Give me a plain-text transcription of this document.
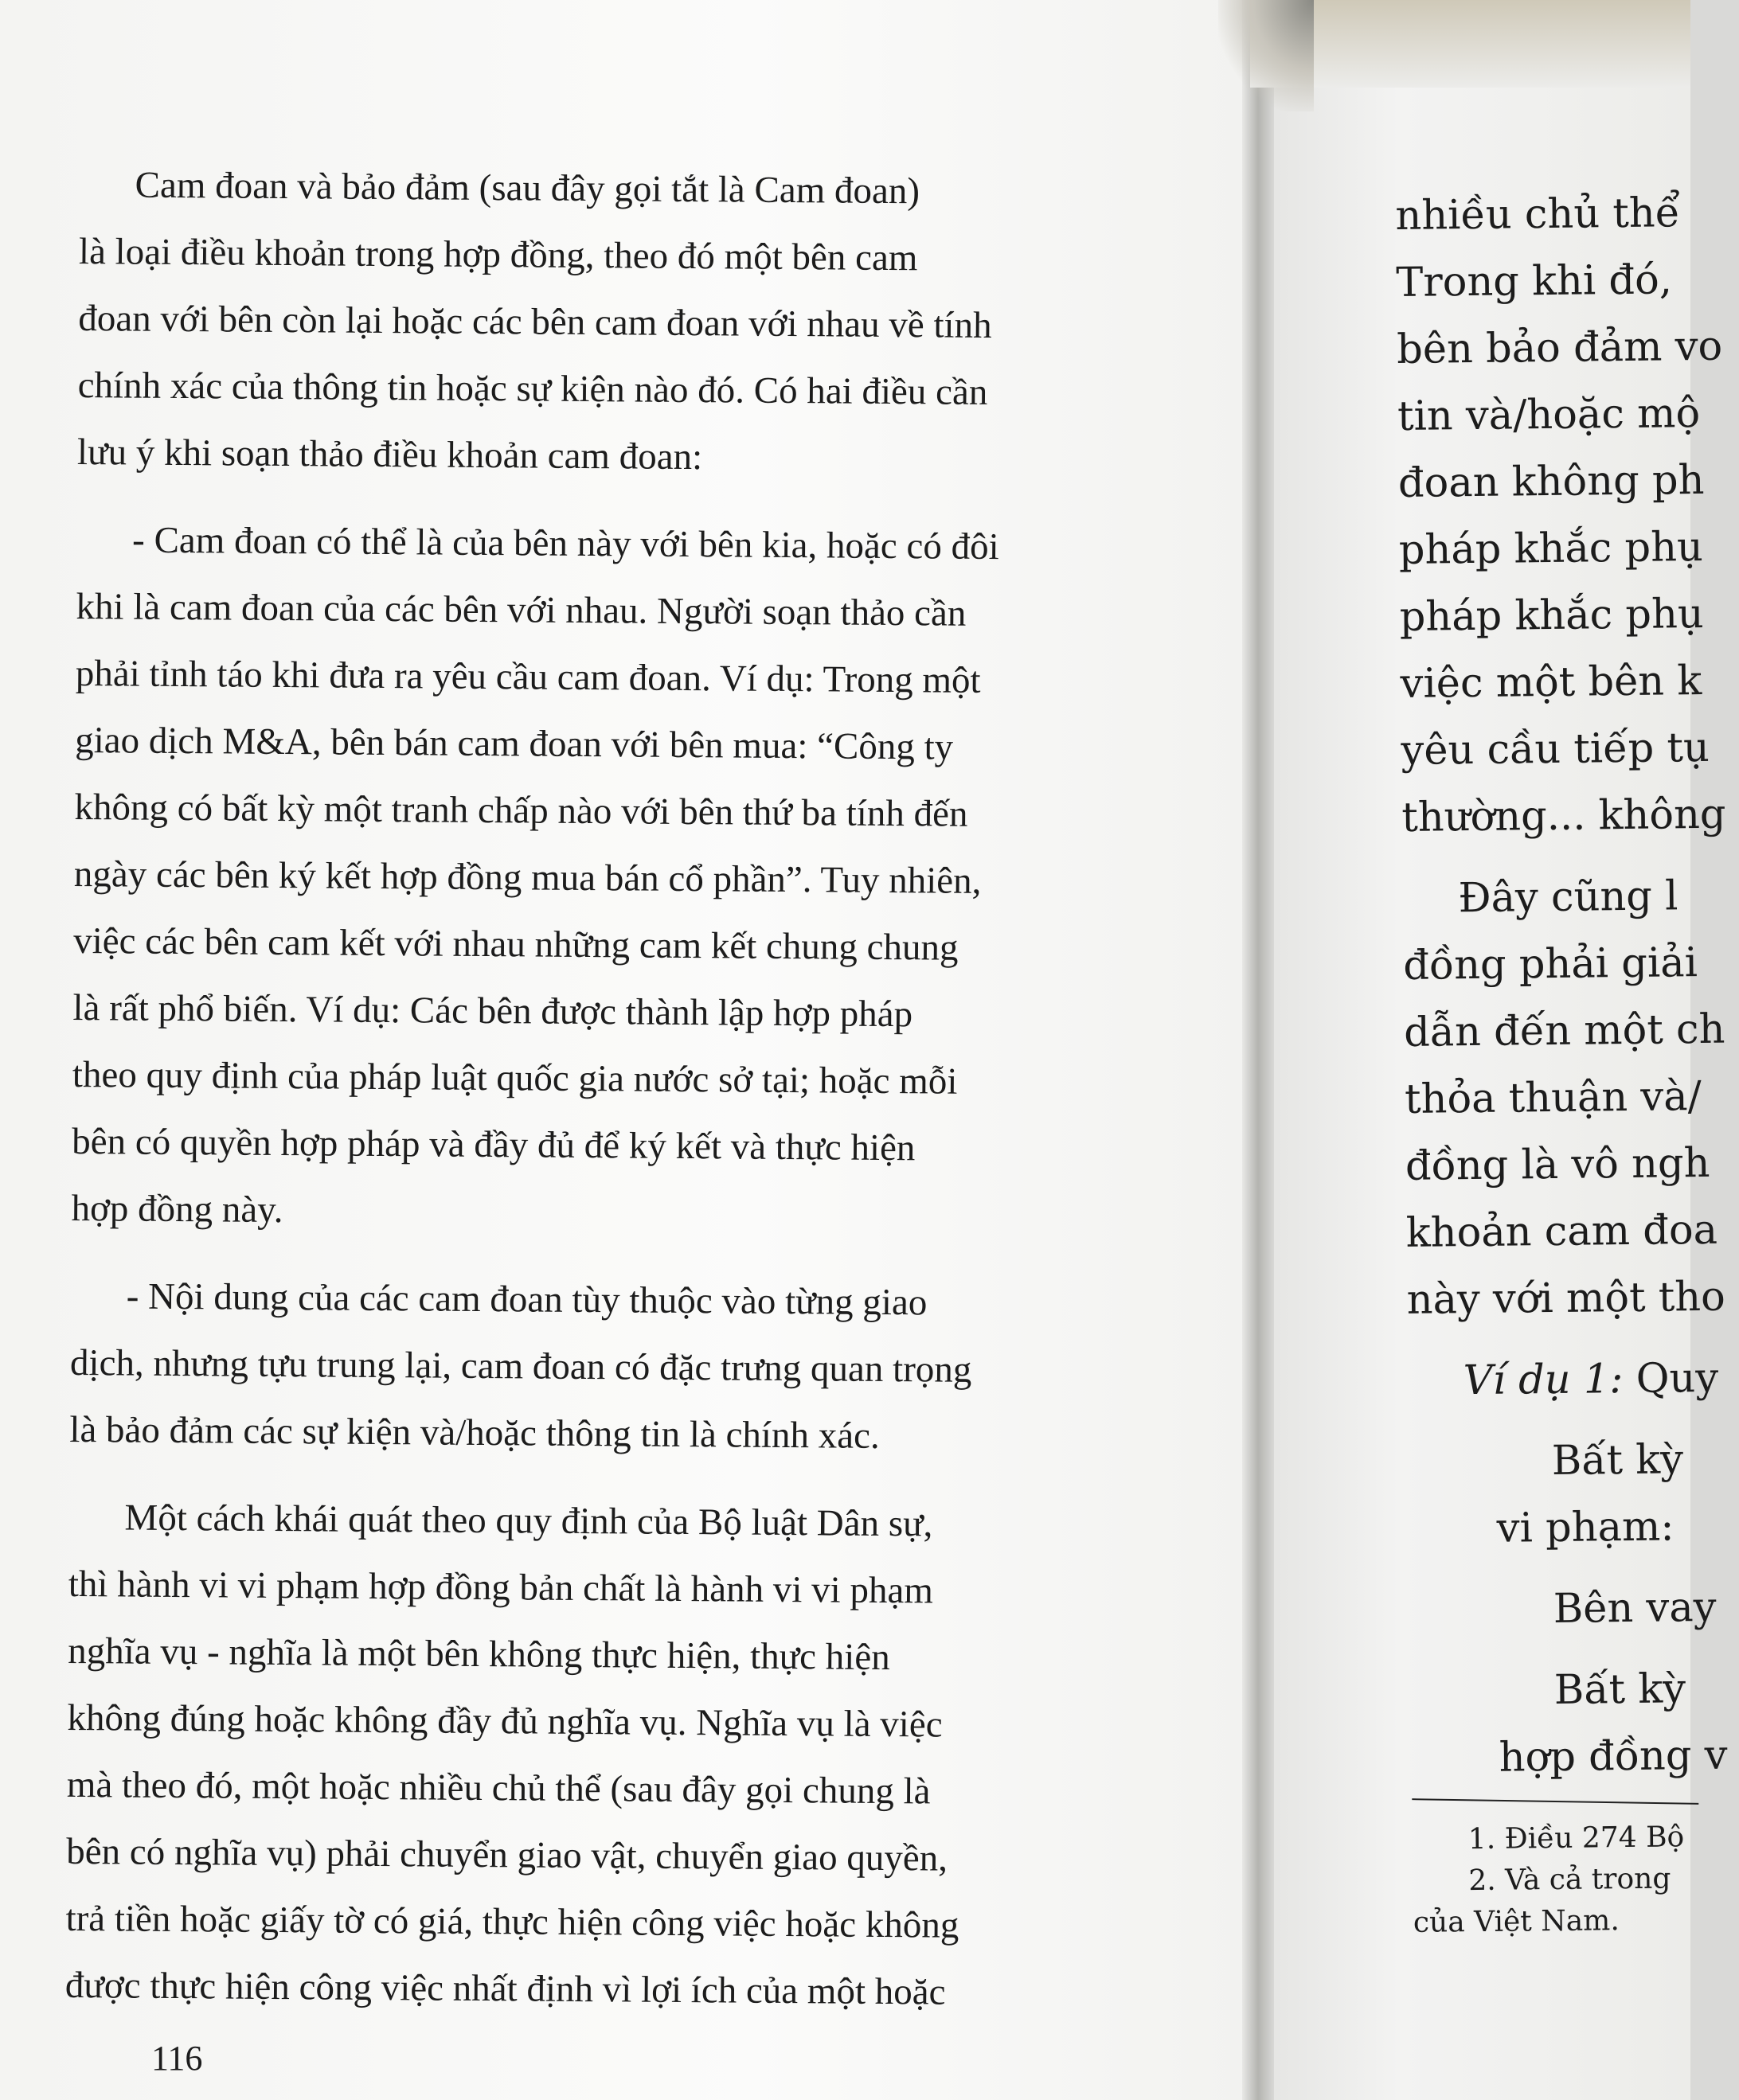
Cam đoan và bảo đảm (sau đây gọi tắt là Cam đoan)
là loại điều khoản trong hợp đồng, theo đó một bên cam
đoan với bên còn lại hoặc các bên cam đoan với nhau về tính
chính xác của thông tin hoặc sự kiện nào đó. Có hai điều cần
lưu ý khi soạn thảo điều khoản cam đoan:
- Cam đoan có thể là của bên này với bên kia, hoặc có đôi
khi là cam đoan của các bên với nhau. Người soạn thảo cần
phải tỉnh táo khi đưa ra yêu cầu cam đoan. Ví dụ: Trong một
giao dịch M&A, bên bán cam đoan với bên mua: “Công ty
không có bất kỳ một tranh chấp nào với bên thứ ba tính đến
ngày các bên ký kết hợp đồng mua bán cổ phần”. Tuy nhiên,
việc các bên cam kết với nhau những cam kết chung chung
là rất phổ biến. Ví dụ: Các bên được thành lập hợp pháp
theo quy định của pháp luật quốc gia nước sở tại; hoặc mỗi
bên có quyền hợp pháp và đầy đủ để ký kết và thực hiện
hợp đồng này.
- Nội dung của các cam đoan tùy thuộc vào từng giao
dịch, nhưng tựu trung lại, cam đoan có đặc trưng quan trọng
là bảo đảm các sự kiện và/hoặc thông tin là chính xác.
Một cách khái quát theo quy định của Bộ luật Dân sự,
thì hành vi vi phạm hợp đồng bản chất là hành vi vi phạm
nghĩa vụ - nghĩa là một bên không thực hiện, thực hiện
không đúng hoặc không đầy đủ nghĩa vụ. Nghĩa vụ là việc
mà theo đó, một hoặc nhiều chủ thể (sau đây gọi chung là
bên có nghĩa vụ) phải chuyển giao vật, chuyển giao quyền,
trả tiền hoặc giấy tờ có giá, thực hiện công việc hoặc không
được thực hiện công việc nhất định vì lợi ích của một hoặc
116
nhiều chủ thể
Trong khi đó,
bên bảo đảm vo
tin và/hoặc mộ
đoan không ph
pháp khắc phụ
pháp khắc phụ
việc một bên k
yêu cầu tiếp tụ
thường... không
Đây cũng l
đồng phải giải
dẫn đến một ch
thỏa thuận và/
đồng là vô ngh
khoản cam đoa
này với một tho
Ví dụ 1: Quy
Bất kỳ
vi phạm:
Bên vay
Bất kỳ
hợp đồng v
1. Điều 274 Bộ
2. Và cả trong
của Việt Nam.
